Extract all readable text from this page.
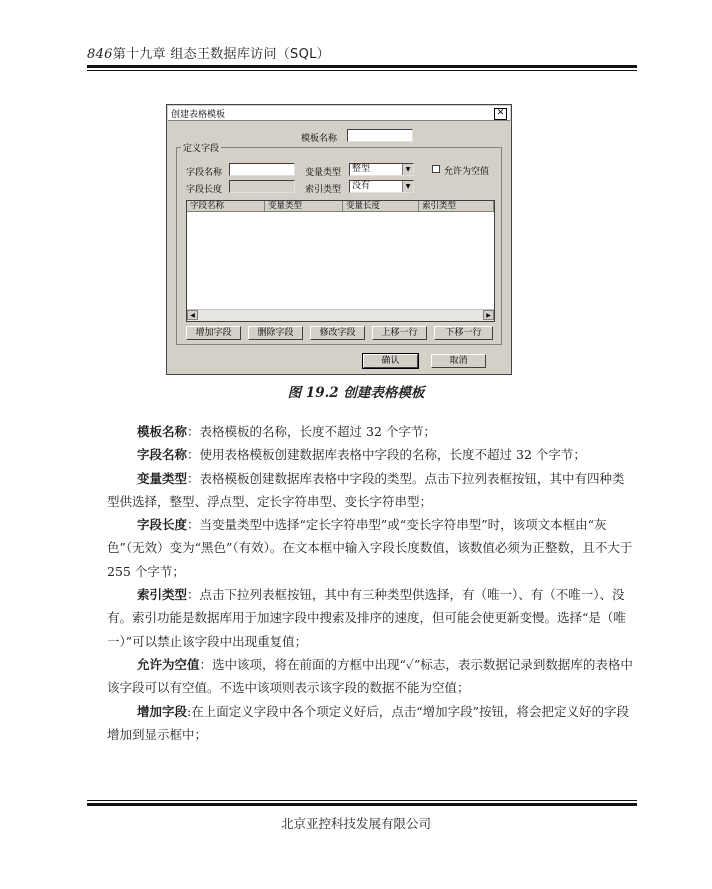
846第十九章 组态王数据库访问（SQL）
创建表格模板	✕
模板名称
定义字段
字段名称
字段长度
变量类型	整型	▼
索引类型	没有	▼
允许为空值
字段名称	变量类型	变量长度	索引类型
◀	▶
增加字段	删除字段	修改字段	上移一行	下移一行
确认	取消
图 19.2 创建表格模板

模板名称：表格模板的名称，长度不超过 32 个字节；

字段名称：使用表格模板创建数据库表格中字段的名称，长度不超过 32 个字节；

变量类型：表格模板创建数据库表格中字段的类型。点击下拉列表框按钮，其中有四种类型供选择，整型、浮点型、定长字符串型、变长字符串型；

字段长度：当变量类型中选择“定长字符串型”或“变长字符串型”时，该项文本框由“灰色”（无效）变为“黑色”（有效）。在文本框中输入字段长度数值，该数值必须为正整数，且不大于 255 个字节；

索引类型：点击下拉列表框按钮，其中有三种类型供选择，有（唯一）、有（不唯一）、没有。索引功能是数据库用于加速字段中搜索及排序的速度，但可能会使更新变慢。选择“是（唯一）”可以禁止该字段中出现重复值；

允许为空值：选中该项，将在前面的方框中出现“✓”标志，表示数据记录到数据库的表格中该字段可以有空值。不选中该项则表示该字段的数据不能为空值；

增加字段:在上面定义字段中各个项定义好后，点击“增加字段”按钮，将会把定义好的字段增加到显示框中；

北京亚控科技发展有限公司
